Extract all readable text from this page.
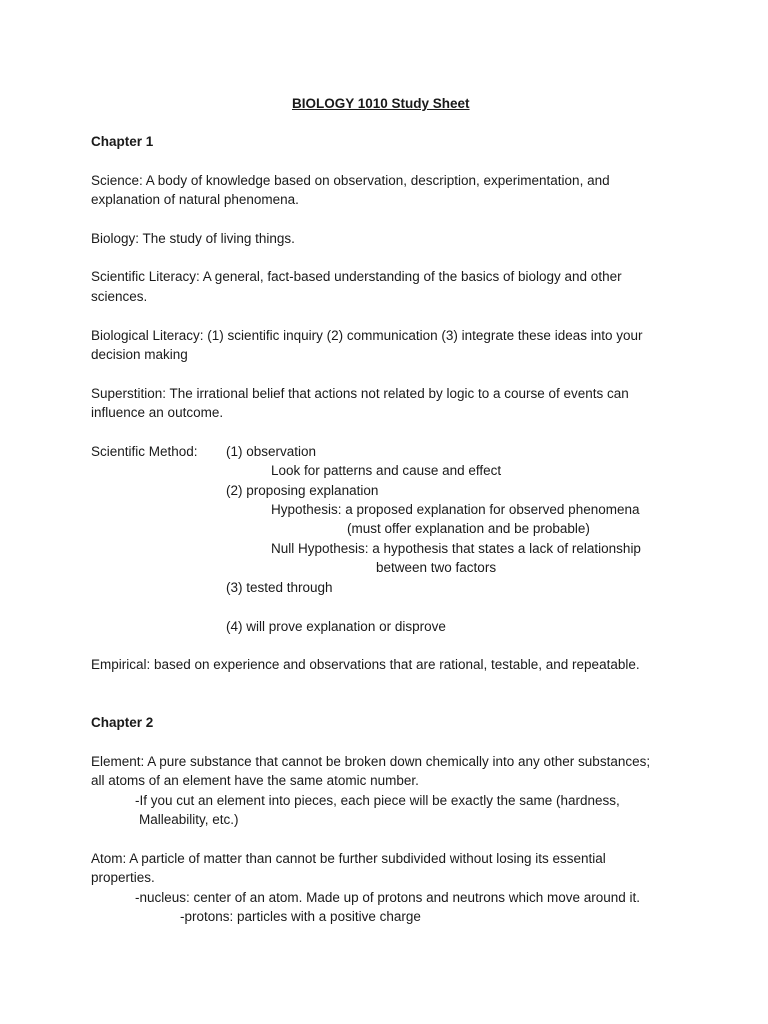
BIOLOGY 1010 Study Sheet

Chapter 1

Science: A body of knowledge based on observation, description, experimentation, and

explanation of natural phenomena.

Biology: The study of living things.

Scientific Literacy: A general, fact-based understanding of the basics of biology and other

sciences.

Biological Literacy: (1) scientific inquiry (2) communication (3) integrate these ideas into your

decision making

Superstition: The irrational belief that actions not related by logic to a course of events can

influence an outcome.

Scientific Method: (1) observation

Look for patterns and cause and effect

(2) proposing explanation

Hypothesis: a proposed explanation for observed phenomena

(must offer explanation and be probable)

Null Hypothesis: a hypothesis that states a lack of relationship

between two factors

(3) tested through

(4) will prove explanation or disprove

Empirical: based on experience and observations that are rational, testable, and repeatable.

Chapter 2

Element: A pure substance that cannot be broken down chemically into any other substances;

all atoms of an element have the same atomic number.

-If you cut an element into pieces, each piece will be exactly the same (hardness,

Malleability, etc.)

Atom: A particle of matter than cannot be further subdivided without losing its essential

properties.

-nucleus: center of an atom. Made up of protons and neutrons which move around it.

-protons: particles with a positive charge
